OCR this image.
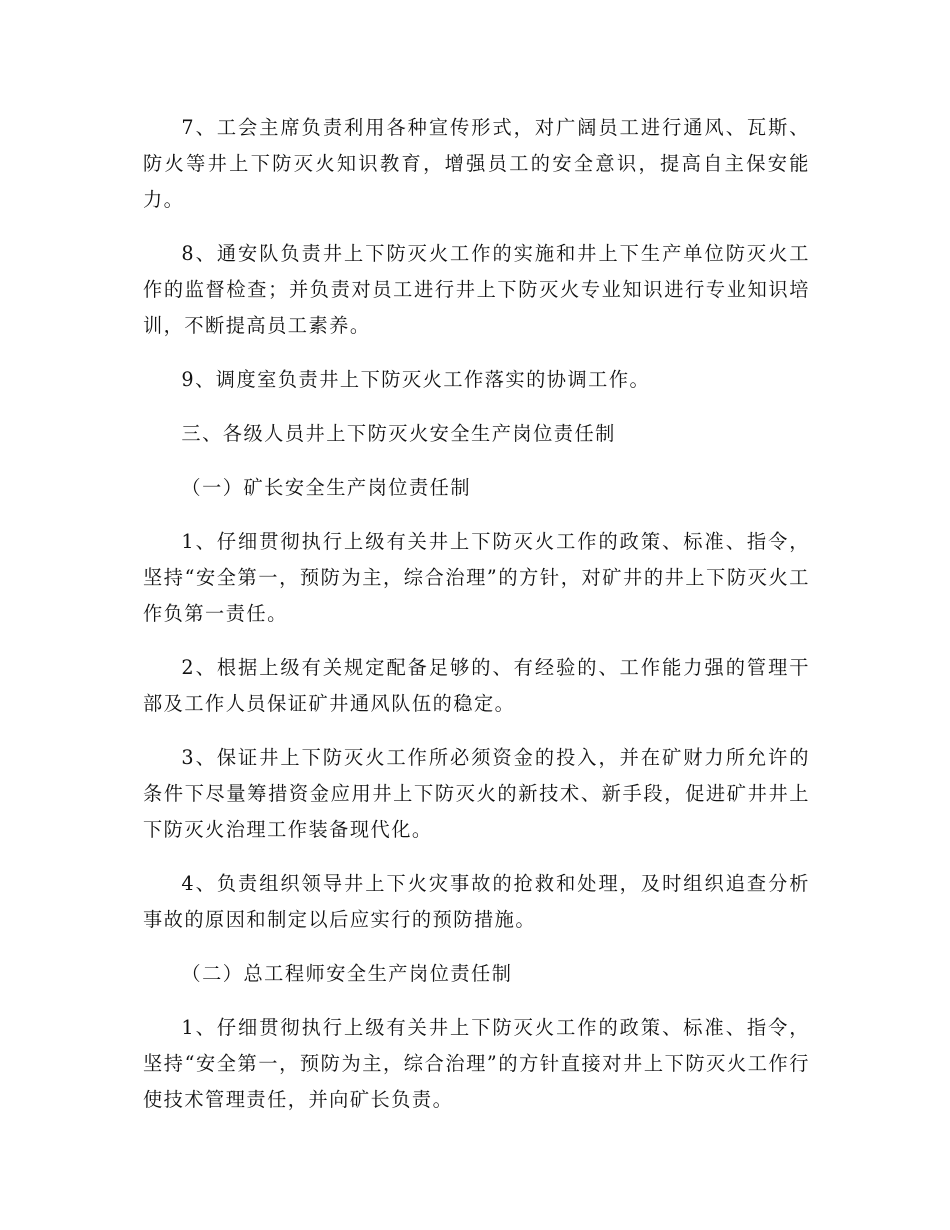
7、工会主席负责利用各种宣传形式，对广阔员工进行通风、瓦斯、防火等井上下防灭火知识教育，增强员工的安全意识，提高自主保安能力。

8、通安队负责井上下防灭火工作的实施和井上下生产单位防灭火工作的监督检查；并负责对员工进行井上下防灭火专业知识进行专业知识培训，不断提高员工素养。

9、调度室负责井上下防灭火工作落实的协调工作。

三、各级人员井上下防灭火安全生产岗位责任制

（一）矿长安全生产岗位责任制

1、仔细贯彻执行上级有关井上下防灭火工作的政策、标准、指令，坚持“安全第一，预防为主，综合治理”的方针，对矿井的井上下防灭火工作负第一责任。

2、根据上级有关规定配备足够的、有经验的、工作能力强的管理干部及工作人员保证矿井通风队伍的稳定。

3、保证井上下防灭火工作所必须资金的投入，并在矿财力所允许的条件下尽量筹措资金应用井上下防灭火的新技术、新手段，促进矿井井上下防灭火治理工作装备现代化。

4、负责组织领导井上下火灾事故的抢救和处理，及时组织追查分析事故的原因和制定以后应实行的预防措施。

（二）总工程师安全生产岗位责任制

1、仔细贯彻执行上级有关井上下防灭火工作的政策、标准、指令，坚持“安全第一，预防为主，综合治理”的方针直接对井上下防灭火工作行使技术管理责任，并向矿长负责。
